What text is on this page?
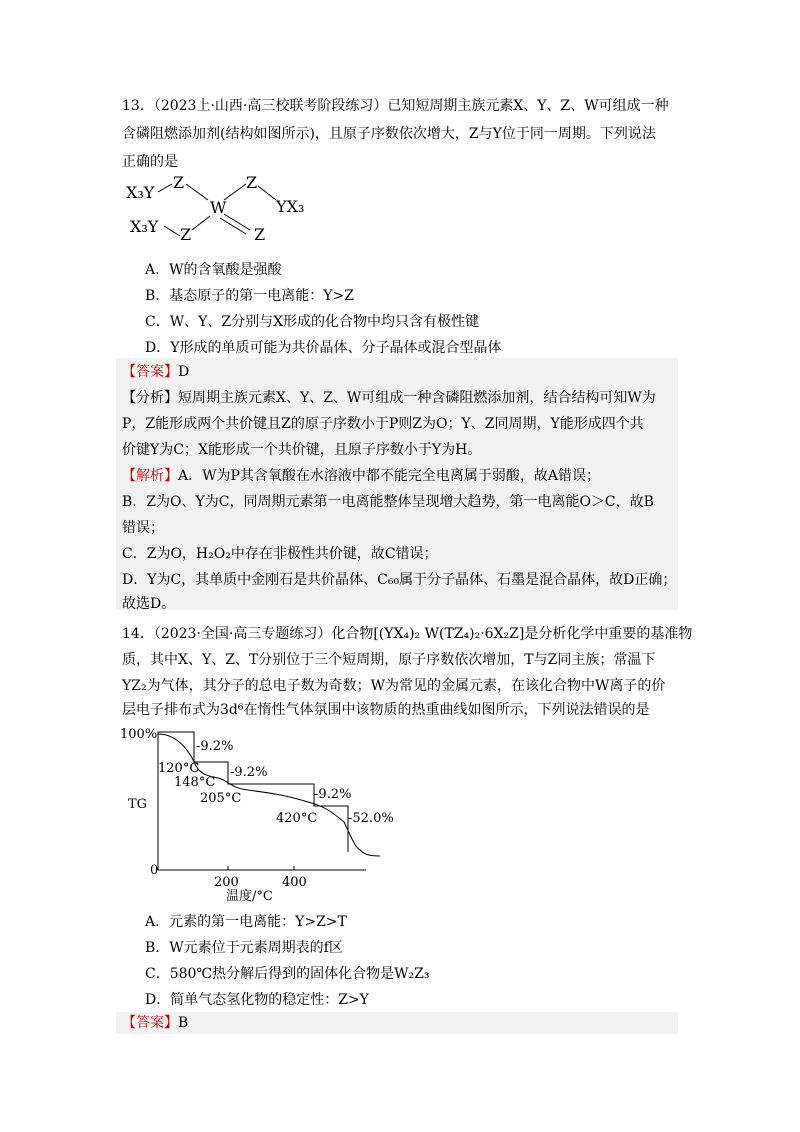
13．（2023上·山西·高三校联考阶段练习）已知短周期主族元素X、Y、Z、W可组成一种
含磷阻燃添加剂(结构如图所示)，且原子序数依次增大，Z与Y位于同一周期。下列说法
正确的是
X₃Y
Z	Z
YX₃
W
X₃Y Z	Z
A．W的含氧酸是强酸
B．基态原子的第一电离能：Y>Z
C．W、Y、Z分别与X形成的化合物中均只含有极性键
D．Y形成的单质可能为共价晶体、分子晶体或混合型晶体
【答案】D
【分析】短周期主族元素X、Y、Z、W可组成一种含磷阻燃添加剂，结合结构可知W为
P，Z能形成两个共价键且Z的原子序数小于P则Z为O；Y、Z同周期，Y能形成四个共
价键Y为C；X能形成一个共价键，且原子序数小于Y为H。
【解析】A．W为P其含氧酸在水溶液中都不能完全电离属于弱酸，故A错误；
B．Z为O、Y为C，同周期元素第一电离能整体呈现增大趋势，第一电离能O＞C，故B
错误；
C．Z为O，H₂O₂中存在非极性共价键，故C错误；
D．Y为C，其单质中金刚石是共价晶体、C₆₀属于分子晶体、石墨是混合晶体，故D正确；
故选D。
14．（2023·全国·高三专题练习）化合物[(YX₄)₂ W(TZ₄)₂·6X₂Z]是分析化学中重要的基准物
质，其中X、Y、Z、T分别位于三个短周期，原子序数依次增加，T与Z同主族；常温下
YZ₂为气体，其分子的总电子数为奇数；W为常见的金属元素，在该化合物中W离子的价
层电子排布式为3d⁶在惰性气体氛围中该物质的热重曲线如图所示，下列说法错误的是
100%
TG
0
200	400
温度/°C
-9.2%
-9.2%
-9.2%
-52.0%
120°C
148°C
205°C
420°C
A．元素的第一电离能：Y>Z>T
B．W元素位于元素周期表的f区
C．580℃热分解后得到的固体化合物是W₂Z₃
D．简单气态氢化物的稳定性：Z>Y
【答案】B
